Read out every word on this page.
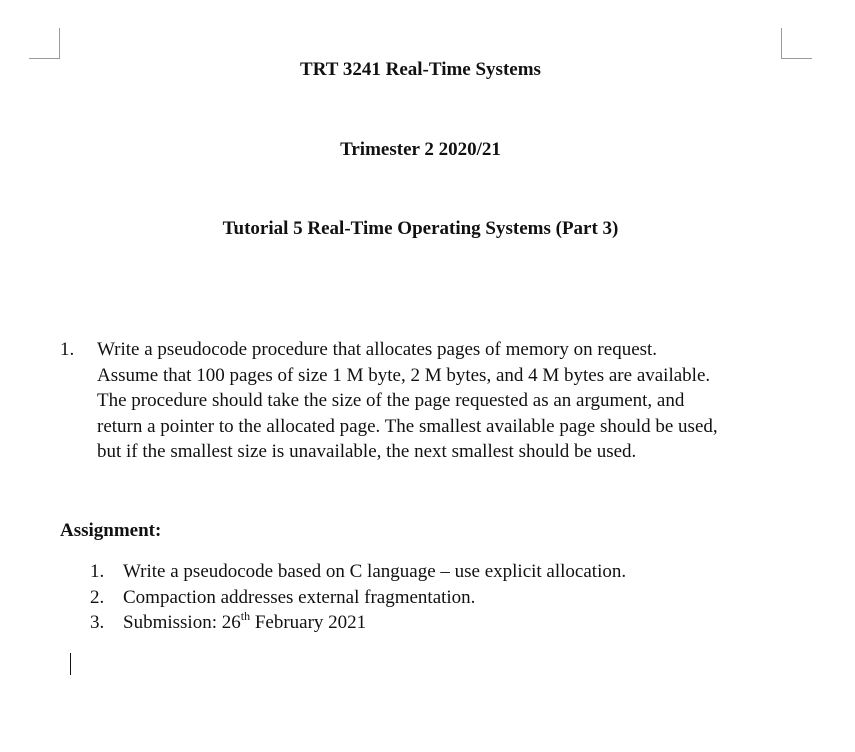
TRT 3241 Real-Time Systems
Trimester 2 2020/21
Tutorial 5 Real-Time Operating Systems (Part 3)
1.	Write a pseudocode procedure that allocates pages of memory on request.
Assume that 100 pages of size 1 M byte, 2 M bytes, and 4 M bytes are available.
The procedure should take the size of the page requested as an argument, and
return a pointer to the allocated page. The smallest available page should be used,
but if the smallest size is unavailable, the next smallest should be used.
Assignment:
1. Write a pseudocode based on C language – use explicit allocation.
2. Compaction addresses external fragmentation.
3. Submission: 26th February 2021
